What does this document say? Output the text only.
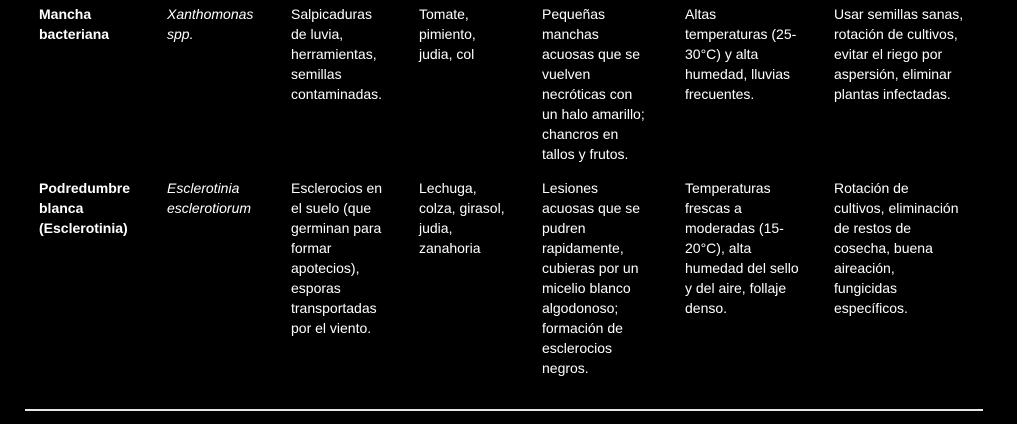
Mancha
bacteriana
Xanthomonas
spp.
Salpicaduras
de luvia,
herramientas,
semillas
contaminadas.
Tomate,
pimiento,
judia, col
Pequeñas
manchas
acuosas que se
vuelven
necróticas con
un halo amarillo;
chancros en
tallos y frutos.
Altas
temperaturas (25-
30°C) y alta
humedad, lluvias
frecuentes.
Usar semillas sanas,
rotación de cultivos,
evitar el riego por
aspersión, eliminar
plantas infectadas.
Podredumbre
blanca
(Esclerotinia)
Esclerotinia
esclerotiorum
Esclerocios en
el suelo (que
germinan para
formar
apotecios),
esporas
transportadas
por el viento.
Lechuga,
colza, girasol,
judia,
zanahoria
Lesiones
acuosas que se
pudren
rapidamente,
cubieras por un
micelio blanco
algodonoso;
formación de
esclerocios
negros.
Temperaturas
frescas a
moderadas (15-
20°C), alta
humedad del sello
y del aire, follaje
denso.
Rotación de
cultivos, eliminación
de restos de
cosecha, buena
aireación,
fungicidas
específicos.
